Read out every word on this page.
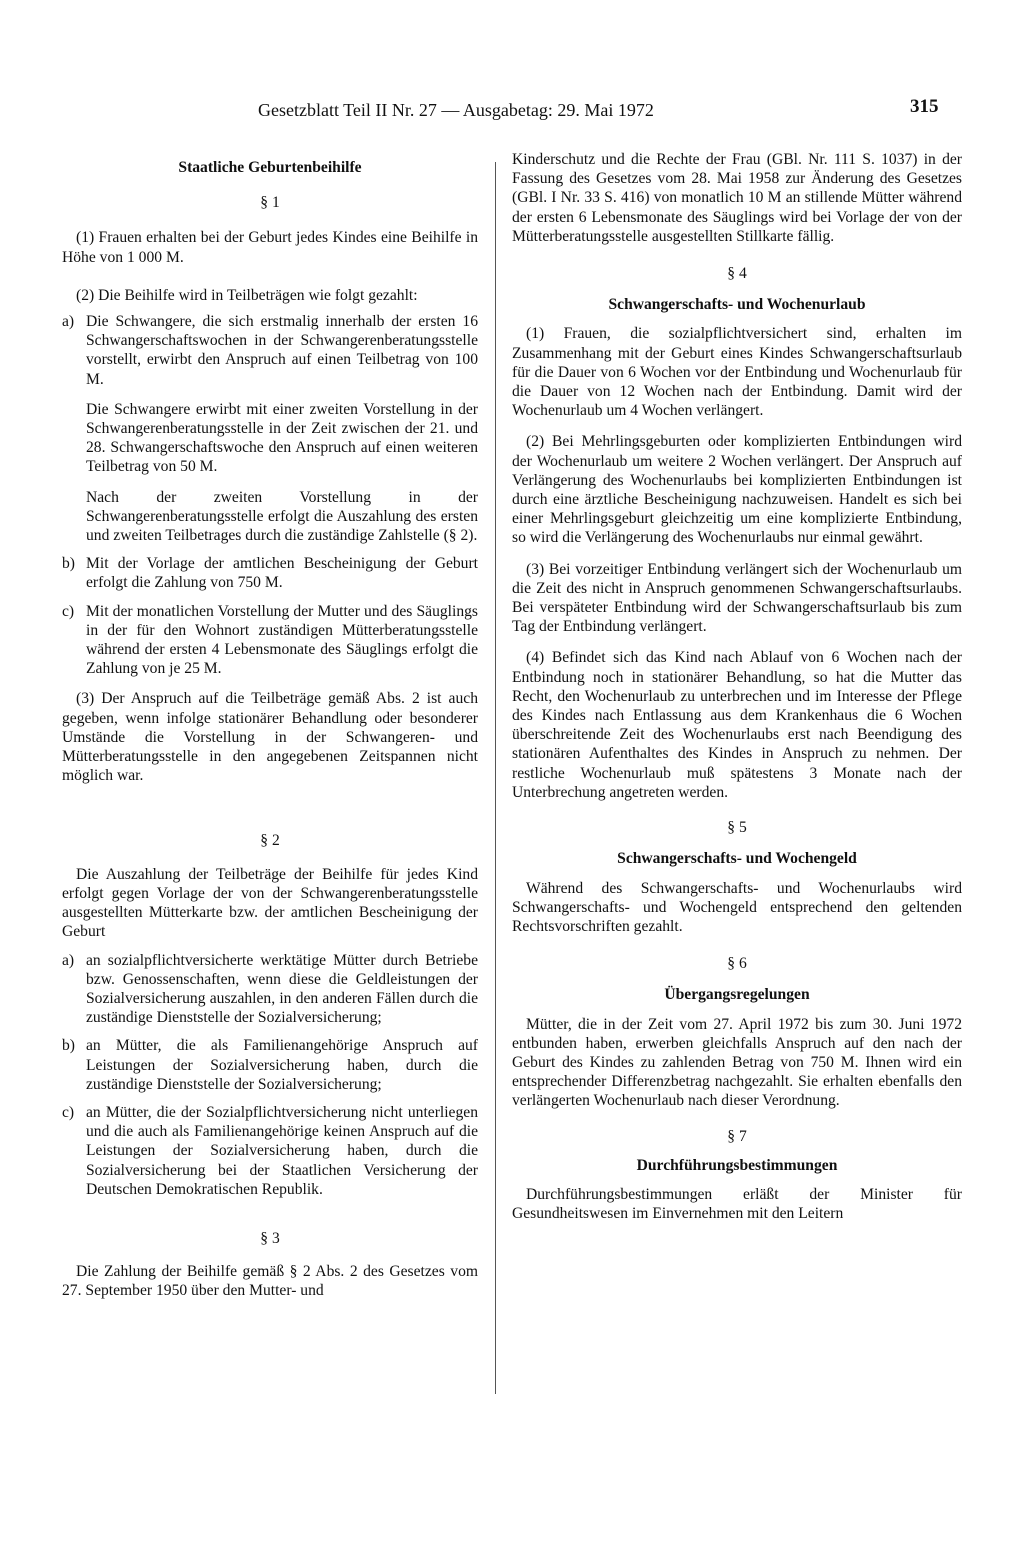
Gesetzblatt Teil II Nr. 27 — Ausgabetag: 29. Mai 1972	315

Staatliche Geburtenbeihilfe

§ 1

(1) Frauen erhalten bei der Geburt jedes Kindes eine Beihilfe in Höhe von 1 000 M.

(2) Die Beihilfe wird in Teilbeträgen wie folgt gezahlt:

a) Die Schwangere, die sich erstmalig innerhalb der ersten 16 Schwangerschaftswochen in der Schwangerenberatungsstelle vorstellt, erwirbt den Anspruch auf einen Teilbetrag von 100 M.

Die Schwangere erwirbt mit einer zweiten Vorstellung in der Schwangerenberatungsstelle in der Zeit zwischen der 21. und 28. Schwangerschaftswoche den Anspruch auf einen weiteren Teilbetrag von 50 M.

Nach der zweiten Vorstellung in der Schwangerenberatungsstelle erfolgt die Auszahlung des ersten und zweiten Teilbetrages durch die zuständige Zahlstelle (§ 2).

b) Mit der Vorlage der amtlichen Bescheinigung der Geburt erfolgt die Zahlung von 750 M.
c) Mit der monatlichen Vorstellung der Mutter und des Säuglings in der für den Wohnort zuständigen Mütterberatungsstelle während der ersten 4 Lebensmonate des Säuglings erfolgt die Zahlung von je 25 M.

(3) Der Anspruch auf die Teilbeträge gemäß Abs. 2 ist auch gegeben, wenn infolge stationärer Behandlung oder besonderer Umstände die Vorstellung in der Schwangeren- und Mütterberatungsstelle in den angegebenen Zeitspannen nicht möglich war.

§ 2

Die Auszahlung der Teilbeträge der Beihilfe für jedes Kind erfolgt gegen Vorlage der von der Schwangerenberatungsstelle ausgestellten Mütterkarte bzw. der amtlichen Bescheinigung der Geburt

a) an sozialpflichtversicherte werktätige Mütter durch Betriebe bzw. Genossenschaften, wenn diese die Geldleistungen der Sozialversicherung auszahlen, in den anderen Fällen durch die zuständige Dienststelle der Sozialversicherung;
b) an Mütter, die als Familienangehörige Anspruch auf Leistungen der Sozialversicherung haben, durch die zuständige Dienststelle der Sozialversicherung;
c) an Mütter, die der Sozialpflichtversicherung nicht unterliegen und die auch als Familienangehörige keinen Anspruch auf die Leistungen der Sozialversicherung haben, durch die Sozialversicherung bei der Staatlichen Versicherung der Deutschen Demokratischen Republik.

§ 3

Die Zahlung der Beihilfe gemäß § 2 Abs. 2 des Gesetzes vom 27. September 1950 über den Mutter- und

Kinderschutz und die Rechte der Frau (GBl. Nr. 111 S. 1037) in der Fassung des Gesetzes vom 28. Mai 1958 zur Änderung des Gesetzes (GBl. I Nr. 33 S. 416) von monatlich 10 M an stillende Mütter während der ersten 6 Lebensmonate des Säuglings wird bei Vorlage der von der Mütterberatungsstelle ausgestellten Stillkarte fällig.

§ 4

Schwangerschafts- und Wochenurlaub

(1) Frauen, die sozialpflichtversichert sind, erhalten im Zusammenhang mit der Geburt eines Kindes Schwangerschaftsurlaub für die Dauer von 6 Wochen vor der Entbindung und Wochenurlaub für die Dauer von 12 Wochen nach der Entbindung. Damit wird der Wochenurlaub um 4 Wochen verlängert.

(2) Bei Mehrlingsgeburten oder komplizierten Entbindungen wird der Wochenurlaub um weitere 2 Wochen verlängert. Der Anspruch auf Verlängerung des Wochenurlaubs bei komplizierten Entbindungen ist durch eine ärztliche Bescheinigung nachzuweisen. Handelt es sich bei einer Mehrlingsgeburt gleichzeitig um eine komplizierte Entbindung, so wird die Verlängerung des Wochenurlaubs nur einmal gewährt.

(3) Bei vorzeitiger Entbindung verlängert sich der Wochenurlaub um die Zeit des nicht in Anspruch genommenen Schwangerschaftsurlaubs. Bei verspäteter Entbindung wird der Schwangerschaftsurlaub bis zum Tag der Entbindung verlängert.

(4) Befindet sich das Kind nach Ablauf von 6 Wochen nach der Entbindung noch in stationärer Behandlung, so hat die Mutter das Recht, den Wochenurlaub zu unterbrechen und im Interesse der Pflege des Kindes nach Entlassung aus dem Krankenhaus die 6 Wochen überschreitende Zeit des Wochenurlaubs erst nach Beendigung des stationären Aufenthaltes des Kindes in Anspruch zu nehmen. Der restliche Wochenurlaub muß spätestens 3 Monate nach der Unterbrechung angetreten werden.

§ 5

Schwangerschafts- und Wochengeld

Während des Schwangerschafts- und Wochenurlaubs wird Schwangerschafts- und Wochengeld entsprechend den geltenden Rechtsvorschriften gezahlt.

§ 6

Übergangsregelungen

Mütter, die in der Zeit vom 27. April 1972 bis zum 30. Juni 1972 entbunden haben, erwerben gleichfalls Anspruch auf den nach der Geburt des Kindes zu zahlenden Betrag von 750 M. Ihnen wird ein entsprechender Differenzbetrag nachgezahlt. Sie erhalten ebenfalls den verlängerten Wochenurlaub nach dieser Verordnung.

§ 7

Durchführungsbestimmungen

Durchführungsbestimmungen erläßt der Minister für Gesundheitswesen im Einvernehmen mit den Leitern
